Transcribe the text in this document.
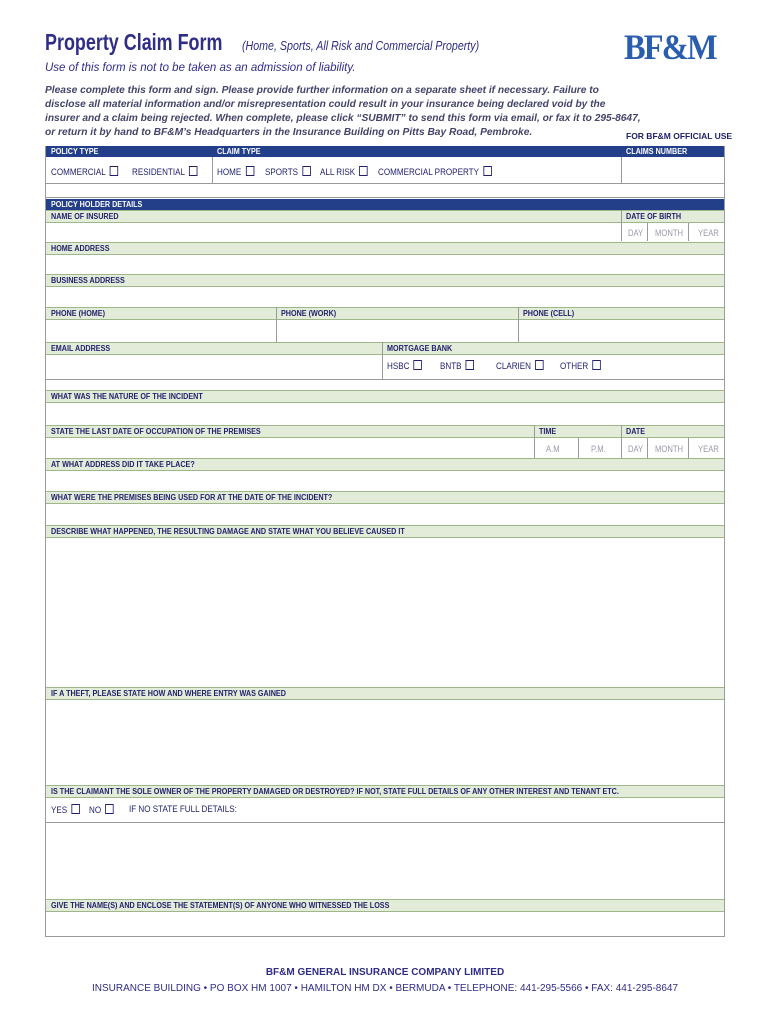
Property Claim Form (Home, Sports, All Risk and Commercial Property)	BF&M
Use of this form is not to be taken as an admission of liability.
Please complete this form and sign. Please provide further information on a separate sheet if necessary. Failure to
disclose all material information and/or misrepresentation could result in your insurance being declared void by the
insurer and a claim being rejected. When complete, please click “SUBMIT” to send this form via email, or fax it to 295-8647,
or return it by hand to BF&M’s Headquarters in the Insurance Building on Pitts Bay Road, Pembroke.	FOR BF&M OFFICIAL USE
POLICY TYPE	CLAIM TYPE	CLAIMS NUMBER
COMMERCIAL	RESIDENTIAL	HOME	SPORTS	ALL RISK	COMMERCIAL PROPERTY
POLICY HOLDER DETAILS
NAME OF INSURED	DATE OF BIRTH
DAY MONTH YEAR
HOME ADDRESS
BUSINESS ADDRESS
PHONE (HOME)	PHONE (WORK)	PHONE (CELL)
EMAIL ADDRESS	MORTGAGE BANK
HSBC	BNTB	CLARIEN	OTHER
WHAT WAS THE NATURE OF THE INCIDENT
STATE THE LAST DATE OF OCCUPATION OF THE PREMISES	TIME	DATE
A.M	P.M. DAY MONTH YEAR
AT WHAT ADDRESS DID IT TAKE PLACE?
WHAT WERE THE PREMISES BEING USED FOR AT THE DATE OF THE INCIDENT?
DESCRIBE WHAT HAPPENED, THE RESULTING DAMAGE AND STATE WHAT YOU BELIEVE CAUSED IT
IF A THEFT, PLEASE STATE HOW AND WHERE ENTRY WAS GAINED
IS THE CLAIMANT THE SOLE OWNER OF THE PROPERTY DAMAGED OR DESTROYED? IF NOT, STATE FULL DETAILS OF ANY OTHER INTEREST AND TENANT ETC.
YES	NO	IF NO STATE FULL DETAILS:
GIVE THE NAME(S) AND ENCLOSE THE STATEMENT(S) OF ANYONE WHO WITNESSED THE LOSS
BF&M GENERAL INSURANCE COMPANY LIMITED
INSURANCE BUILDING • PO BOX HM 1007 • HAMILTON HM DX • BERMUDA • TELEPHONE: 441-295-5566 • FAX: 441-295-8647
